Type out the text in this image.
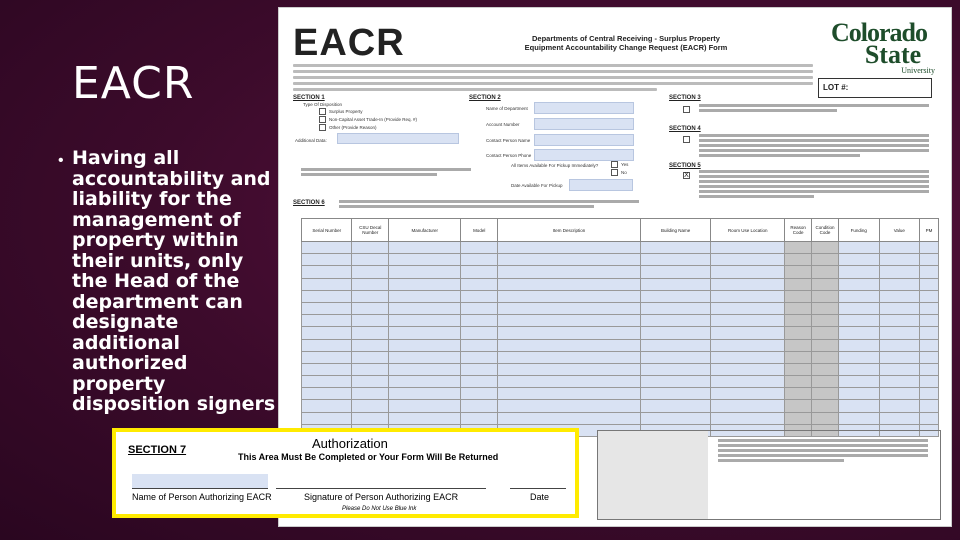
EACR
• Having all accountability and liability for the management of property within their units, only the Head of the department can designate additional authorized property disposition signers
EACR	Departments of Central Receiving - Surplus Property
Equipment Accountability Change Request (EACR) Form
Colorado
State
University
LOT #:
SECTION 1
Type Of Disposition
Surplus Property
Non-Capital Asset Trade-In (Provide Req. #)
Other (Provide Reason)
Additional Data:
SECTION 2
Name of Department
Account Number
Contact Person Name
Contact Person Phone
All Items Available For Pickup Immediately?	Yes
No
Date Available For Pickup
SECTION 3
SECTION 4
SECTION 5
X
SECTION 6
Serial Number	CSU Decal Number	Manufacturer	Model	Item Description	Building Name	Room Use Location	Reason Code	Condition Code	Funding	Value	PM

SECTION 7	Authorization
This Area Must Be Completed or Your Form Will Be Returned
Name of Person Authorizing EACR	Signature of Person Authorizing EACR	Date
Please Do Not Use Blue Ink
